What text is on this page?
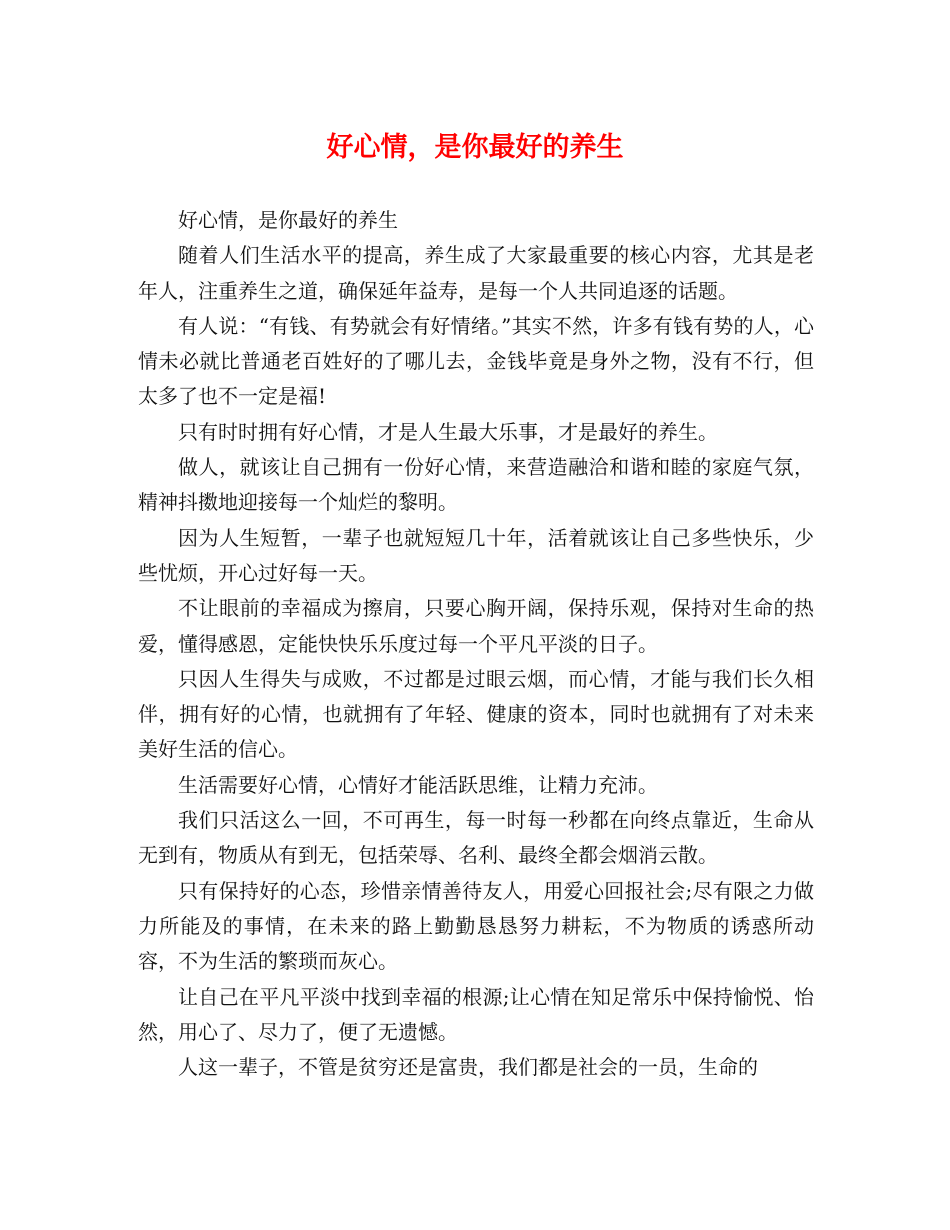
好心情，是你最好的养生

好心情，是你最好的养生

随着人们生活水平的提高，养生成了大家最重要的核心内容，尤其是老年人，注重养生之道，确保延年益寿，是每一个人共同追逐的话题。

有人说：“有钱、有势就会有好情绪。”其实不然，许多有钱有势的人，心情未必就比普通老百姓好的了哪儿去，金钱毕竟是身外之物，没有不行，但太多了也不一定是福!

只有时时拥有好心情，才是人生最大乐事，才是最好的养生。

做人，就该让自己拥有一份好心情，来营造融洽和谐和睦的家庭气氛，精神抖擞地迎接每一个灿烂的黎明。

因为人生短暂，一辈子也就短短几十年，活着就该让自己多些快乐，少些忧烦，开心过好每一天。

不让眼前的幸福成为擦肩，只要心胸开阔，保持乐观，保持对生命的热爱，懂得感恩，定能快快乐乐度过每一个平凡平淡的日子。

只因人生得失与成败，不过都是过眼云烟，而心情，才能与我们长久相伴，拥有好的心情，也就拥有了年轻、健康的资本，同时也就拥有了对未来美好生活的信心。

生活需要好心情，心情好才能活跃思维，让精力充沛。

我们只活这么一回，不可再生，每一时每一秒都在向终点靠近，生命从无到有，物质从有到无，包括荣辱、名利、最终全都会烟消云散。

只有保持好的心态，珍惜亲情善待友人，用爱心回报社会;尽有限之力做力所能及的事情，在未来的路上勤勤恳恳努力耕耘，不为物质的诱惑所动容，不为生活的繁琐而灰心。

让自己在平凡平淡中找到幸福的根源;让心情在知足常乐中保持愉悦、怡然，用心了、尽力了，便了无遗憾。

人这一辈子，不管是贫穷还是富贵，我们都是社会的一员，生命的
